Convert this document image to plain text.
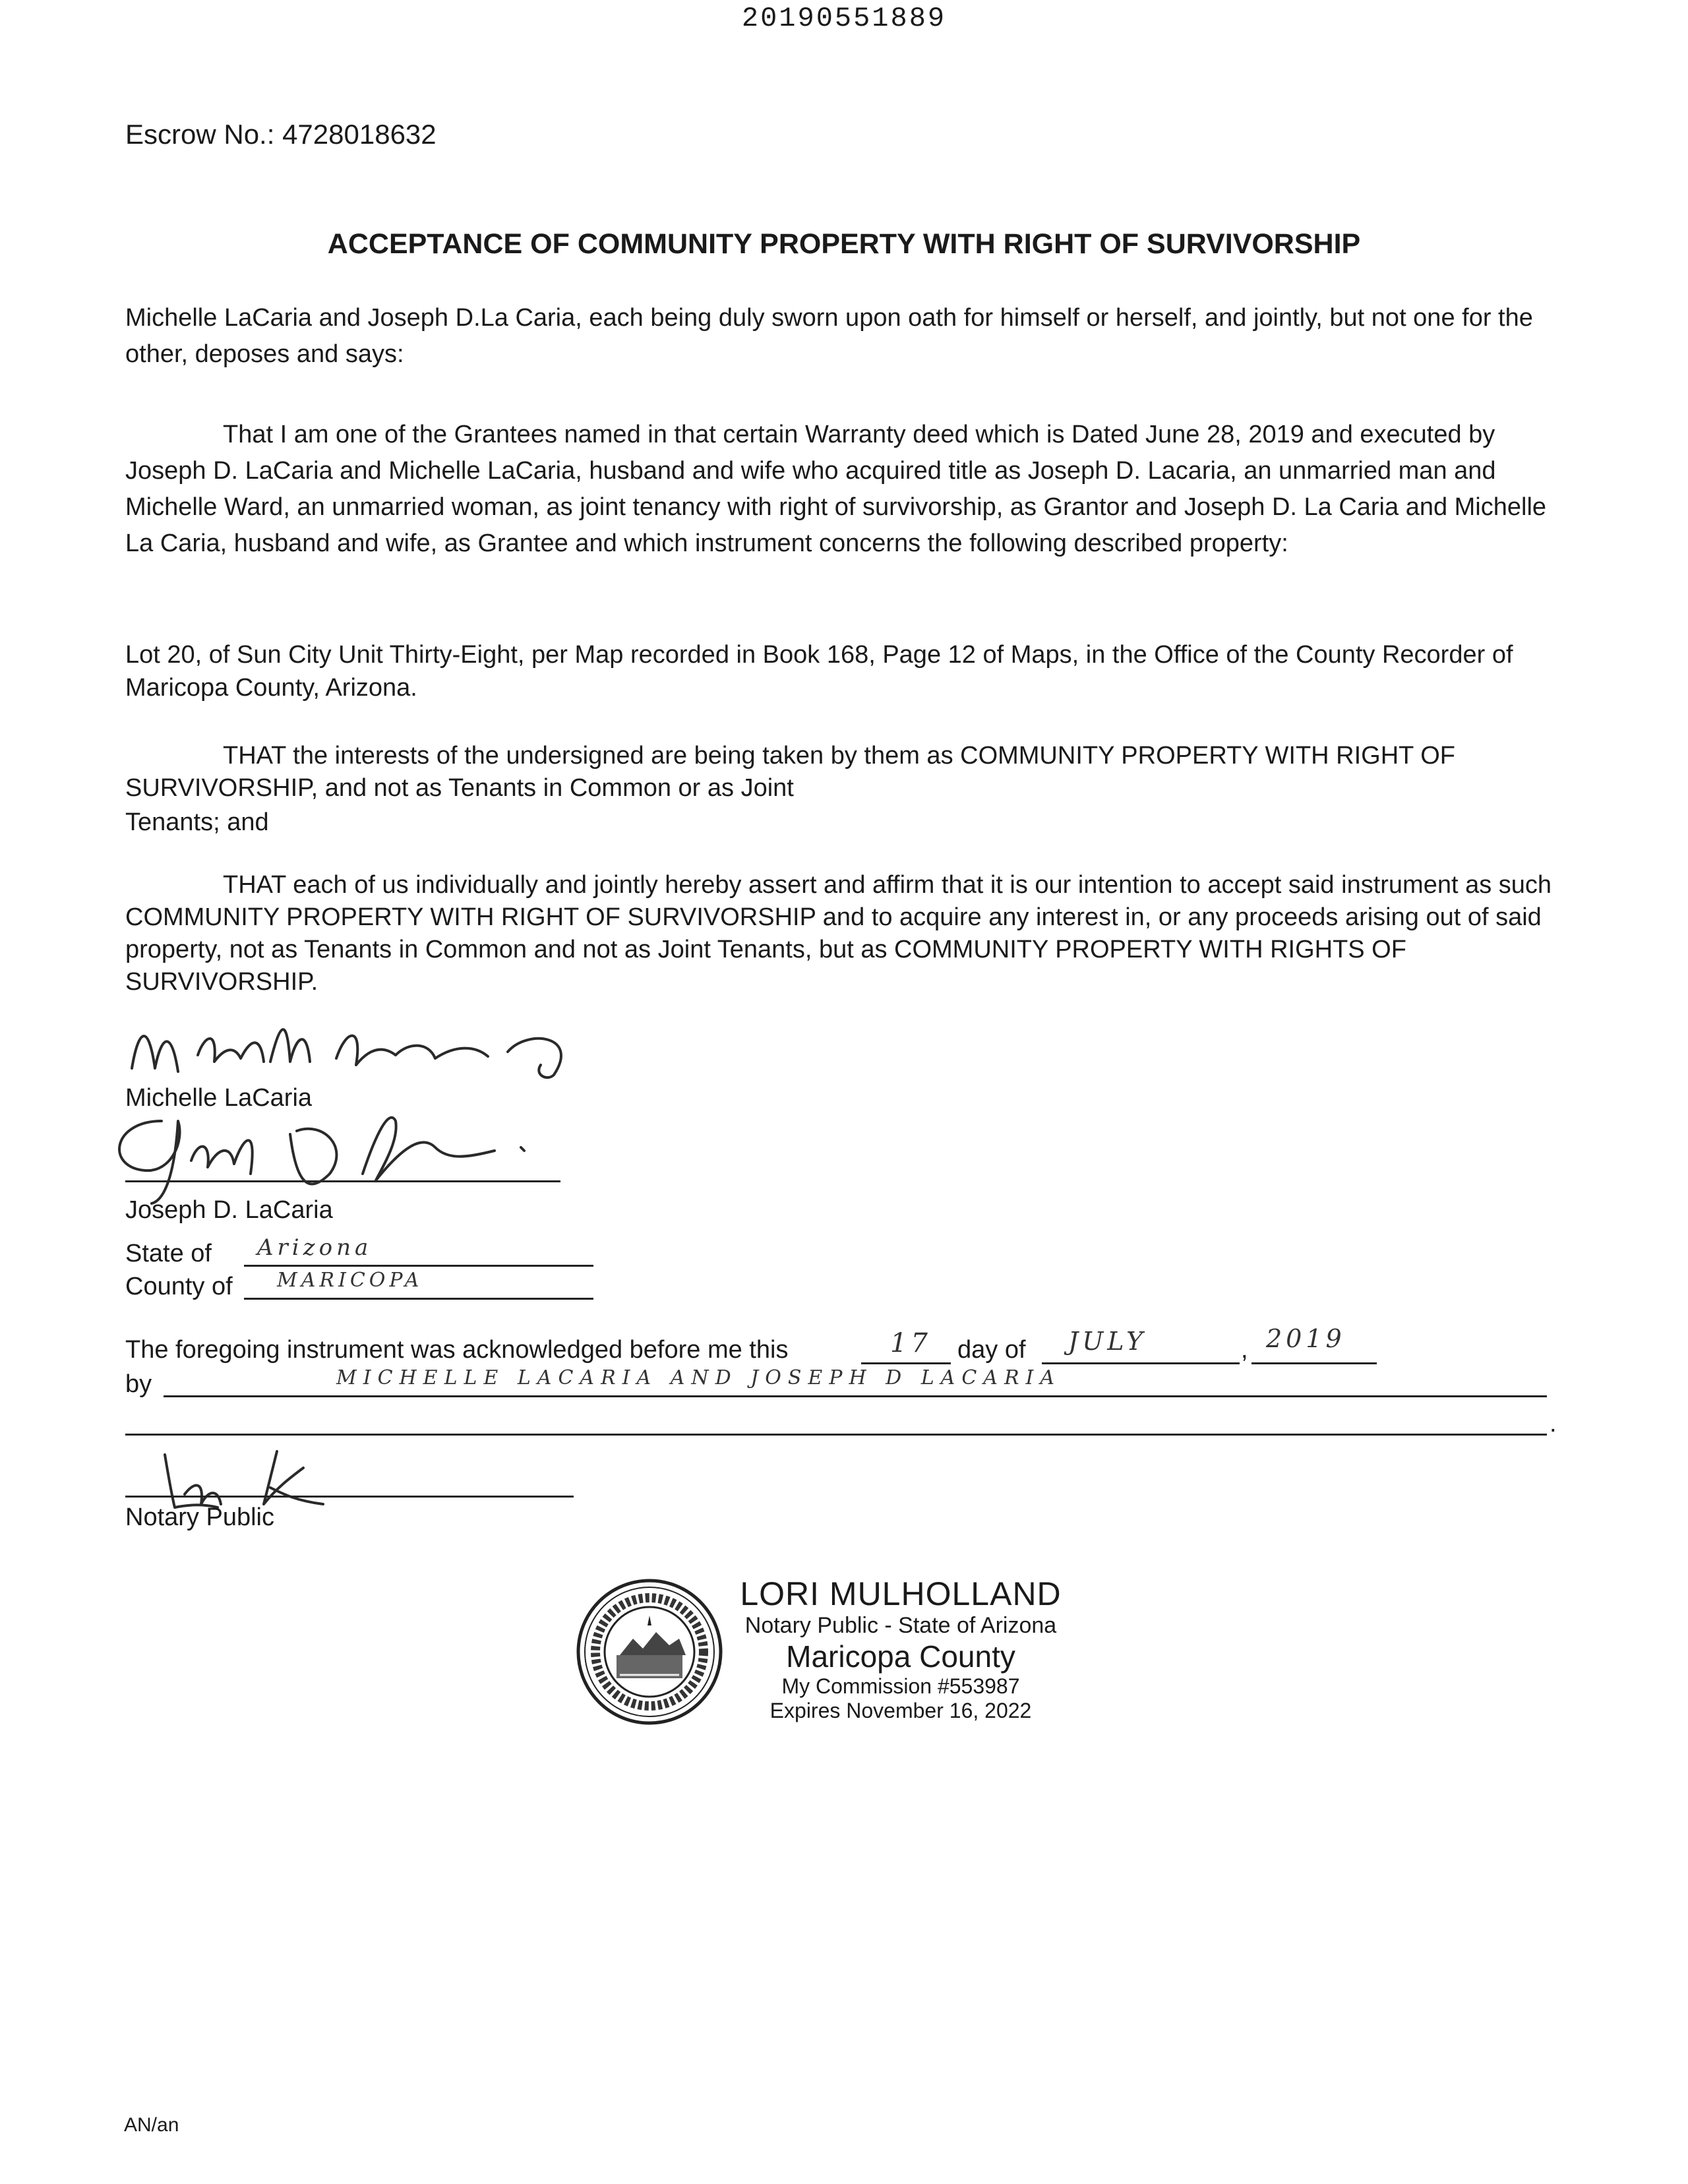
20190551889
Escrow No.: 4728018632
ACCEPTANCE OF COMMUNITY PROPERTY WITH RIGHT OF SURVIVORSHIP
Michelle LaCaria and Joseph D.La Caria, each being duly sworn upon oath for himself or herself, and jointly, but not one for the other, deposes and says:
That I am one of the Grantees named in that certain Warranty deed which is Dated June 28, 2019 and executed by Joseph D. LaCaria and Michelle LaCaria, husband and wife who acquired title as Joseph D. Lacaria, an unmarried man and Michelle Ward, an unmarried woman, as joint tenancy with right of survivorship, as Grantor and Joseph D. La Caria and Michelle La Caria, husband and wife, as Grantee and which instrument concerns the following described property:
Lot 20, of Sun City Unit Thirty-Eight, per Map recorded in Book 168, Page 12 of Maps, in the Office of the County Recorder of Maricopa County, Arizona.
THAT the interests of the undersigned are being taken by them as COMMUNITY PROPERTY WITH RIGHT OF SURVIVORSHIP, and not as Tenants in Common or as Joint
Tenants; and
THAT each of us individually and jointly hereby assert and affirm that it is our intention to accept said instrument as such COMMUNITY PROPERTY WITH RIGHT OF SURVIVORSHIP and to acquire any interest in, or any proceeds arising out of said property, not as Tenants in Common and not as Joint Tenants, but as COMMUNITY PROPERTY WITH RIGHTS OF SURVIVORSHIP.
Michelle LaCaria
Joseph D. LaCaria
State of Arizona
County of MARICOPA
The foregoing instrument was acknowledged before me this	17 day of JULY	, 2019
by	MICHELLE LACARIA AND JOSEPH D LACARIA
.
Notary Public
LORI MULHOLLAND
Notary Public - State of Arizona
Maricopa County
My Commission #553987
Expires November 16, 2022
AN/an
